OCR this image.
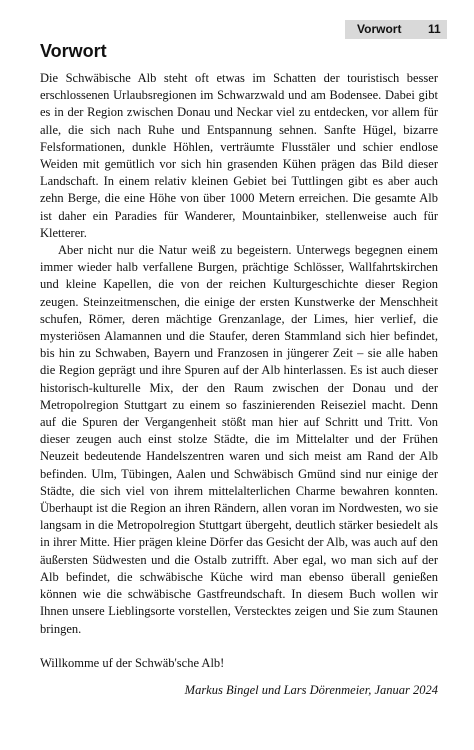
Vorwort 11
Vorwort

Die Schwäbische Alb steht oft etwas im Schatten der touristisch besser erschlossenen Urlaubsregionen im Schwarzwald und am Bodensee. Dabei gibt es in der Region zwischen Donau und Neckar viel zu entdecken, vor allem für alle, die sich nach Ruhe und Entspannung sehnen. Sanfte Hügel, bizarre Felsformationen, dunkle Höhlen, verträumte Flusstäler und schier endlose Weiden mit gemütlich vor sich hin grasenden Kühen prägen das Bild dieser Landschaft. In einem relativ kleinen Gebiet bei Tuttlingen gibt es aber auch zehn Berge, die eine Höhe von über 1000 Metern erreichen. Die gesamte Alb ist daher ein Paradies für Wanderer, Mountainbiker, stellenweise auch für Kletterer.

Aber nicht nur die Natur weiß zu begeistern. Unterwegs begegnen einem immer wieder halb verfallene Burgen, prächtige Schlösser, Wallfahrtskirchen und kleine Kapellen, die von der reichen Kulturgeschichte dieser Region zeugen. Steinzeitmenschen, die einige der ersten Kunstwerke der Menschheit schufen, Römer, deren mächtige Grenzanlage, der Limes, hier verlief, die mysteriösen Alamannen und die Staufer, deren Stammland sich hier befindet, bis hin zu Schwaben, Bayern und Franzosen in jüngerer Zeit – sie alle haben die Region geprägt und ihre Spuren auf der Alb hinterlassen. Es ist auch dieser historisch-kulturelle Mix, der den Raum zwischen der Donau und der Metropolregion Stuttgart zu einem so faszinierenden Reiseziel macht. Denn auf die Spuren der Vergangenheit stößt man hier auf Schritt und Tritt. Von dieser zeugen auch einst stolze Städte, die im Mittelalter und der Frühen Neuzeit bedeutende Handelszentren waren und sich meist am Rand der Alb befinden. Ulm, Tübingen, Aalen und Schwäbisch Gmünd sind nur einige der Städte, die sich viel von ihrem mittelalterlichen Charme bewahren konnten. Überhaupt ist die Region an ihren Rändern, allen voran im Nordwesten, wo sie langsam in die Metropolregion Stuttgart übergeht, deutlich stärker besiedelt als in ihrer Mitte. Hier prägen kleine Dörfer das Gesicht der Alb, was auch auf den äußersten Südwesten und die Ostalb zutrifft. Aber egal, wo man sich auf der Alb befindet, die schwäbische Küche wird man ebenso überall genießen können wie die schwäbische Gastfreundschaft. In diesem Buch wollen wir Ihnen unsere Lieblingsorte vorstellen, Verstecktes zeigen und Sie zum Staunen bringen.

Willkomme uf der Schwäb'sche Alb!

Markus Bingel und Lars Dörenmeier, Januar 2024
